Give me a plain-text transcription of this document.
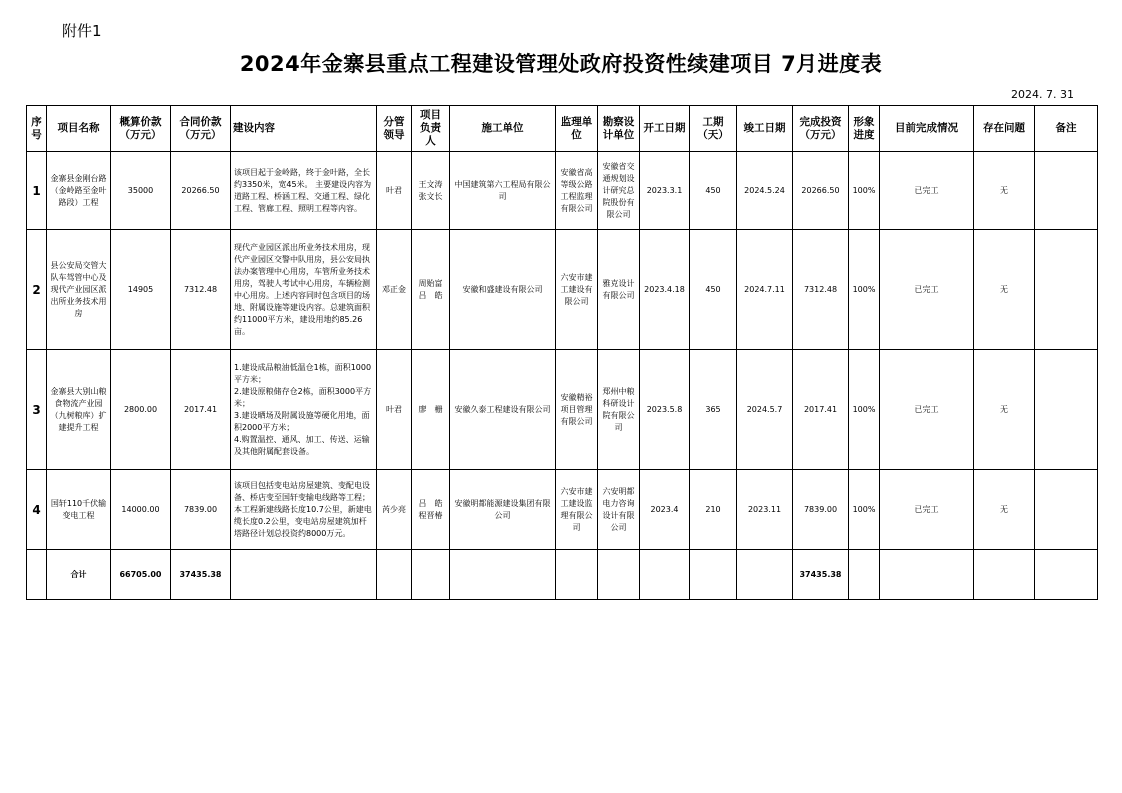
附件1
2024年金寨县重点工程建设管理处政府投资性续建项目 7月进度表
2024. 7. 31
序
号	项目名称	概算价款
（万元）	合同价款
（万元）	建设内容	分管
领导	项目
负责
人	施工单位	监理单
位	勘察设
计单位	开工日期	工期
（天）	竣工日期	完成投资
（万元）	形象
进度	目前完成情况	存在问题	备注
1	金寨县金刚台路（金岭路至金叶路段）工程	35000	20266.50	该项目起于金岭路，终于金叶路，全长约3350米，宽45米。 主要建设内容为道路工程、桥涵工程、交通工程、绿化工程、管廊工程、照明工程等内容。	叶君	王文涛
张文长	中国建筑第六工程局有限公司	安徽省高等级公路工程监理有限公司	安徽省交通规划设计研究总院股份有限公司	2023.3.1	450	2024.5.24	20266.50	100%	已完工	无	
2	县公安局交管大队车驾管中心及现代产业园区派出所业务技术用房	14905	7312.48	现代产业园区派出所业务技术用房，现代产业园区交警中队用房，县公安局执法办案管理中心用房，车管所业务技术用房，驾驶人考试中心用房，车辆检测中心用房。上述内容同时包含项目的场地、附属设施等建设内容。总建筑面积约11000平方米，建设用地约85.26亩。	邓正金	周贻富
吕　皓	安徽和盛建设有限公司	六安市建工建设有限公司	雅克设计有限公司	2023.4.18	450	2024.7.11	7312.48	100%	已完工	无	
3	金寨县大别山粮食物流产业园（九树粮库）扩建提升工程	2800.00	2017.41	1.建设成品粮油低温仓1栋，面积1000平方米；
2.建设原粮储存仓2栋，面积3000平方米；
3.建设晒场及附属设施等硬化用地，面积2000平方米；
4.购置温控、通风、加工、传送、运输及其他附属配套设备。	叶君	廖　栅	安徽久泰工程建设有限公司	安徽精裕项目管理有限公司	郑州中粮科研设计院有限公司	2023.5.8	365	2024.5.7	2017.41	100%	已完工	无	
4	国轩110千伏输变电工程	14000.00	7839.00	该项目包括变电站房屋建筑、变配电设备、桥店变至国轩变输电线路等工程；本工程新建线路长度10.7公里，新建电缆长度0.2公里，变电站房屋建筑加杆塔路径计划总投资约8000万元。	芮少亮	吕　皓
程晋椿	安徽明都能源建设集团有限公司	六安市建工建设监理有限公司	六安明都电力咨询设计有限公司	2023.4	210	2023.11	7839.00	100%	已完工	无	
	合计	66705.00	37435.38										37435.38				
